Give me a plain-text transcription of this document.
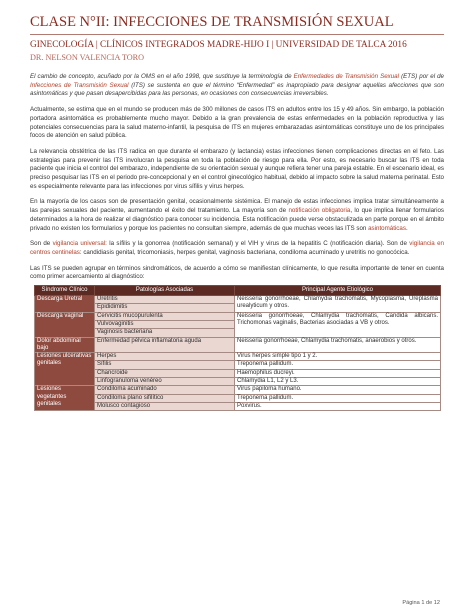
CLASE N°II: INFECCIONES DE TRANSMISIÓN SEXUAL
GINECOLOGÍA | CLÍNICOS INTEGRADOS MADRE-HIJO I | UNIVERSIDAD DE TALCA 2016
DR. NELSON VALENCIA TORO

El cambio de concepto, acuñado por la OMS en el año 1998, que sustituye la terminología de Enfermedades de Transmisión Sexual (ETS) por el de Infecciones de Transmisión Sexual (ITS) se sustenta en que el término “Enfermedad” es inapropiado para designar aquellas afecciones que son asintomáticas y que pasan desapercibidas para las personas, en ocasiones con consecuencias irreversibles.

Actualmente, se estima que en el mundo se producen más de 300 millones de casos ITS en adultos entre los 15 y 49 años. Sin embargo, la población portadora asintomática es probablemente mucho mayor. Debido a la gran prevalencia de estas enfermedades en la población reproductiva y las potenciales consecuencias para la salud materno-infantil, la pesquisa de ITS en mujeres embarazadas asintomáticas constituye uno de los principales focos de atención en salud pública.

La relevancia obstétrica de las ITS radica en que durante el embarazo (y lactancia) estas infecciones tienen complicaciones directas en el feto. Las estrategias para prevenir las ITS involucran la pesquisa en toda la población de riesgo para ella. Por esto, es necesario buscar las ITS en toda paciente que inicia el control del embarazo, independiente de su orientación sexual y aunque refiera tener una pareja estable. En el escenario ideal, es preciso pesquisar las ITS en el periodo pre-concepcional y en el control ginecológico habitual, debido al impacto sobre la salud materna perinatal. Esto es especialmente relevante para las infecciones por virus sífilis y virus herpes.

En la mayoría de los casos son de presentación genital, ocasionalmente sistémica. El manejo de estas infecciones implica tratar simultáneamente a las parejas sexuales del paciente, aumentando el éxito del tratamiento. La mayoría son de notificación obligatoria, lo que implica llenar formularios determinados a la hora de realizar el diagnóstico para conocer su incidencia. Esta notificación puede verse obstaculizada en parte porque en el ámbito privado no existen los formularios y porque los pacientes no consultan siempre, además de que muchas veces las ITS son asintomáticas.

Son de vigilancia universal: la sífilis y la gonorrea (notificación semanal) y el VIH y virus de la hepatitis C (notificación diaria). Son de vigilancia en centros centinelas: candidiasis genital, tricomoniasis, herpes genital, vaginosis bacteriana, condiloma acuminado y uretritis no gonocócica.

Las ITS se pueden agrupar en términos sindromáticos, de acuerdo a cómo se manifiestan clínicamente, lo que resulta importante de tener en cuenta como primer acercamiento al diagnóstico:

Síndrome Clínico	Patologías Asociadas	Principal Agente Etiológico
Descarga Uretral	Uretritis	Neisseria gonorrhoeae, Chlamydia trachomatis, Mycoplasma, Ureplasma urealyticum y otros.
	Epididimitis	
Descarga vaginal	Cervicitis mucopurulenta	Neisseria gonorrhoeae, Chlamydia trachomatis, Candida albicans. Trichomonas vaginalis, Bacterias asociadas a VB y otros.
	Vulvovaginitis	
	Vaginosis bacteriana	
Dolor abdominal bajo	Enfermedad pélvica inflamatoria aguda	Neisseria gonorrhoeae, Chlamydia trachomatis, anaerobios y otros.
Lesiones ulcerativas genitales	Herpes	Virus herpes simple tipo 1 y 2.
	Sífilis	Treponema pallidum.
	Chancroide	Haemophilus ducreyi.
	Linfogranuloma venéreo	Chlamydia L1, L2 y L3.
Lesiones vegetantes genitales	Condiloma acuminado	Virus papiloma humano.
	Condiloma plano sifilítico	Treponema pallidum.
	Molusco contagioso	Poxvirus.
Página 1 de 12
